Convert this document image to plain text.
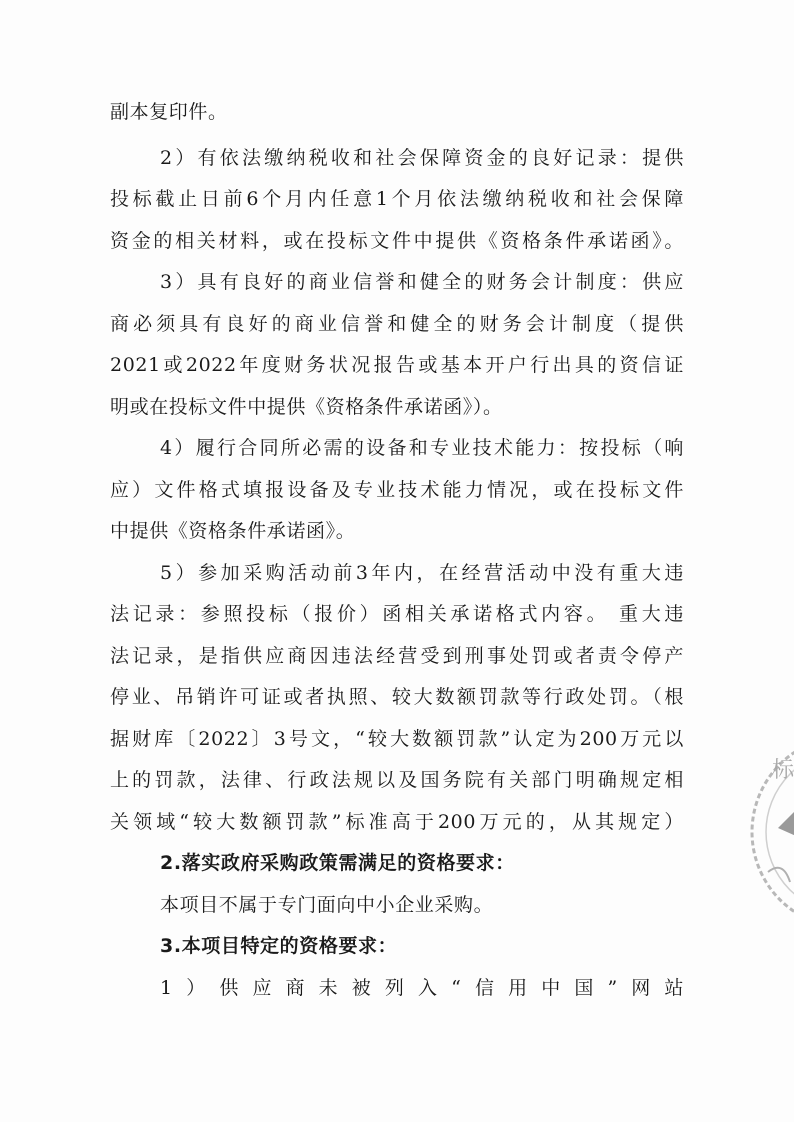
副本复印件。
2）有依法缴纳税收和社会保障资金的良好记录：提供
投标截止日前6个月内任意1个月依法缴纳税收和社会保障
资金的相关材料，或在投标文件中提供《资格条件承诺函》。
3）具有良好的商业信誉和健全的财务会计制度：供应
商必须具有良好的商业信誉和健全的财务会计制度（提供
2021或2022年度财务状况报告或基本开户行出具的资信证
明或在投标文件中提供《资格条件承诺函》）。
4）履行合同所必需的设备和专业技术能力：按投标（响
应）文件格式填报设备及专业技术能力情况，或在投标文件
中提供《资格条件承诺函》。
5）参加采购活动前3年内，在经营活动中没有重大违
法记录：参照投标（报价）函相关承诺格式内容。 重大违
法记录，是指供应商因违法经营受到刑事处罚或者责令停产
停业、吊销许可证或者执照、较大数额罚款等行政处罚。（根
据财库〔2022〕3号文，“较大数额罚款”认定为200万元以
上的罚款，法律、行政法规以及国务院有关部门明确规定相
关领域“较大数额罚款”标准高于200万元的，从其规定）
2.落实政府采购政策需满足的资格要求：
本项目不属于专门面向中小企业采购。
3.本项目特定的资格要求：
1）供应商未被列入“信用中国”网站
标
